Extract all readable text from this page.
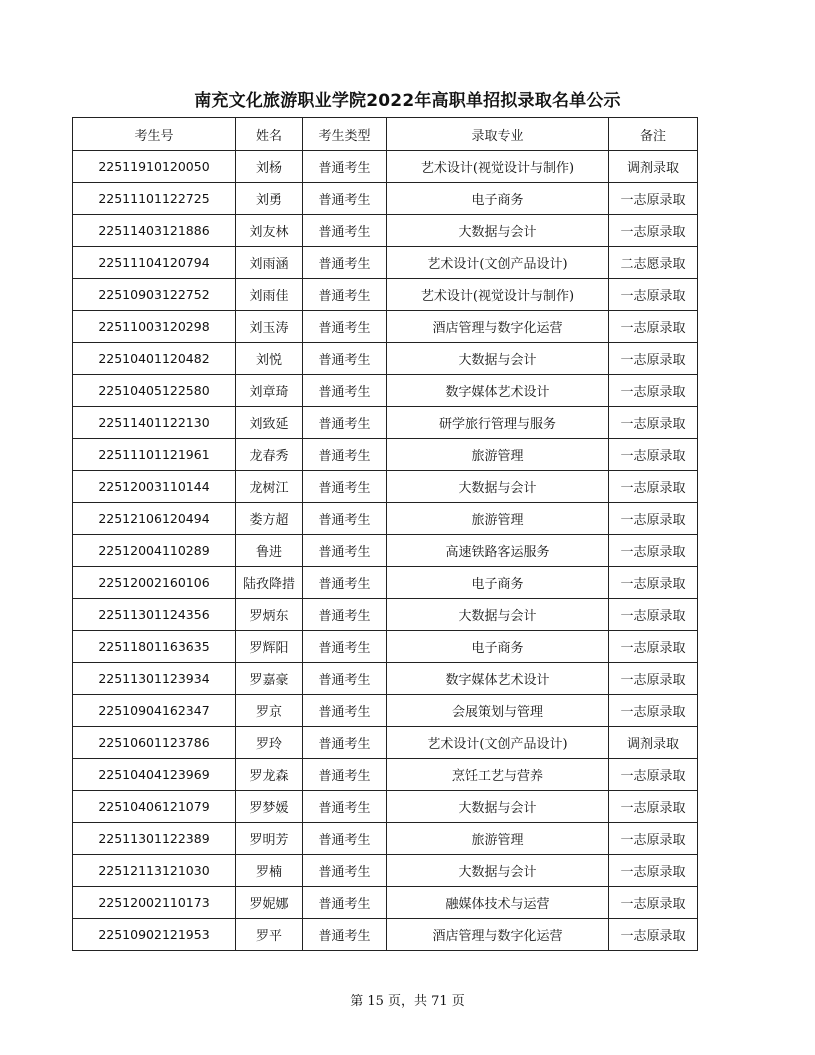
南充文化旅游职业学院2022年高职单招拟录取名单公示
考生号	姓名	考生类型	录取专业	备注
22511910120050	刘杨	普通考生	艺术设计(视觉设计与制作)	调剂录取
22511101122725	刘勇	普通考生	电子商务	一志原录取
22511403121886	刘友林	普通考生	大数据与会计	一志原录取
22511104120794	刘雨涵	普通考生	艺术设计(文创产品设计)	二志愿录取
22510903122752	刘雨佳	普通考生	艺术设计(视觉设计与制作)	一志原录取
22511003120298	刘玉涛	普通考生	酒店管理与数字化运营	一志原录取
22510401120482	刘悦	普通考生	大数据与会计	一志原录取
22510405122580	刘章琦	普通考生	数字媒体艺术设计	一志原录取
22511401122130	刘致延	普通考生	研学旅行管理与服务	一志原录取
22511101121961	龙春秀	普通考生	旅游管理	一志原录取
22512003110144	龙树江	普通考生	大数据与会计	一志原录取
22512106120494	娄方超	普通考生	旅游管理	一志原录取
22512004110289	鲁进	普通考生	高速铁路客运服务	一志原录取
22512002160106	陆孜降措	普通考生	电子商务	一志原录取
22511301124356	罗炳东	普通考生	大数据与会计	一志原录取
22511801163635	罗辉阳	普通考生	电子商务	一志原录取
22511301123934	罗嘉豪	普通考生	数字媒体艺术设计	一志原录取
22510904162347	罗京	普通考生	会展策划与管理	一志原录取
22510601123786	罗玲	普通考生	艺术设计(文创产品设计)	调剂录取
22510404123969	罗龙森	普通考生	烹饪工艺与营养	一志原录取
22510406121079	罗梦媛	普通考生	大数据与会计	一志原录取
22511301122389	罗明芳	普通考生	旅游管理	一志原录取
22512113121030	罗楠	普通考生	大数据与会计	一志原录取
22512002110173	罗妮娜	普通考生	融媒体技术与运营	一志原录取
22510902121953	罗平	普通考生	酒店管理与数字化运营	一志原录取
第 15 页，共 71 页
